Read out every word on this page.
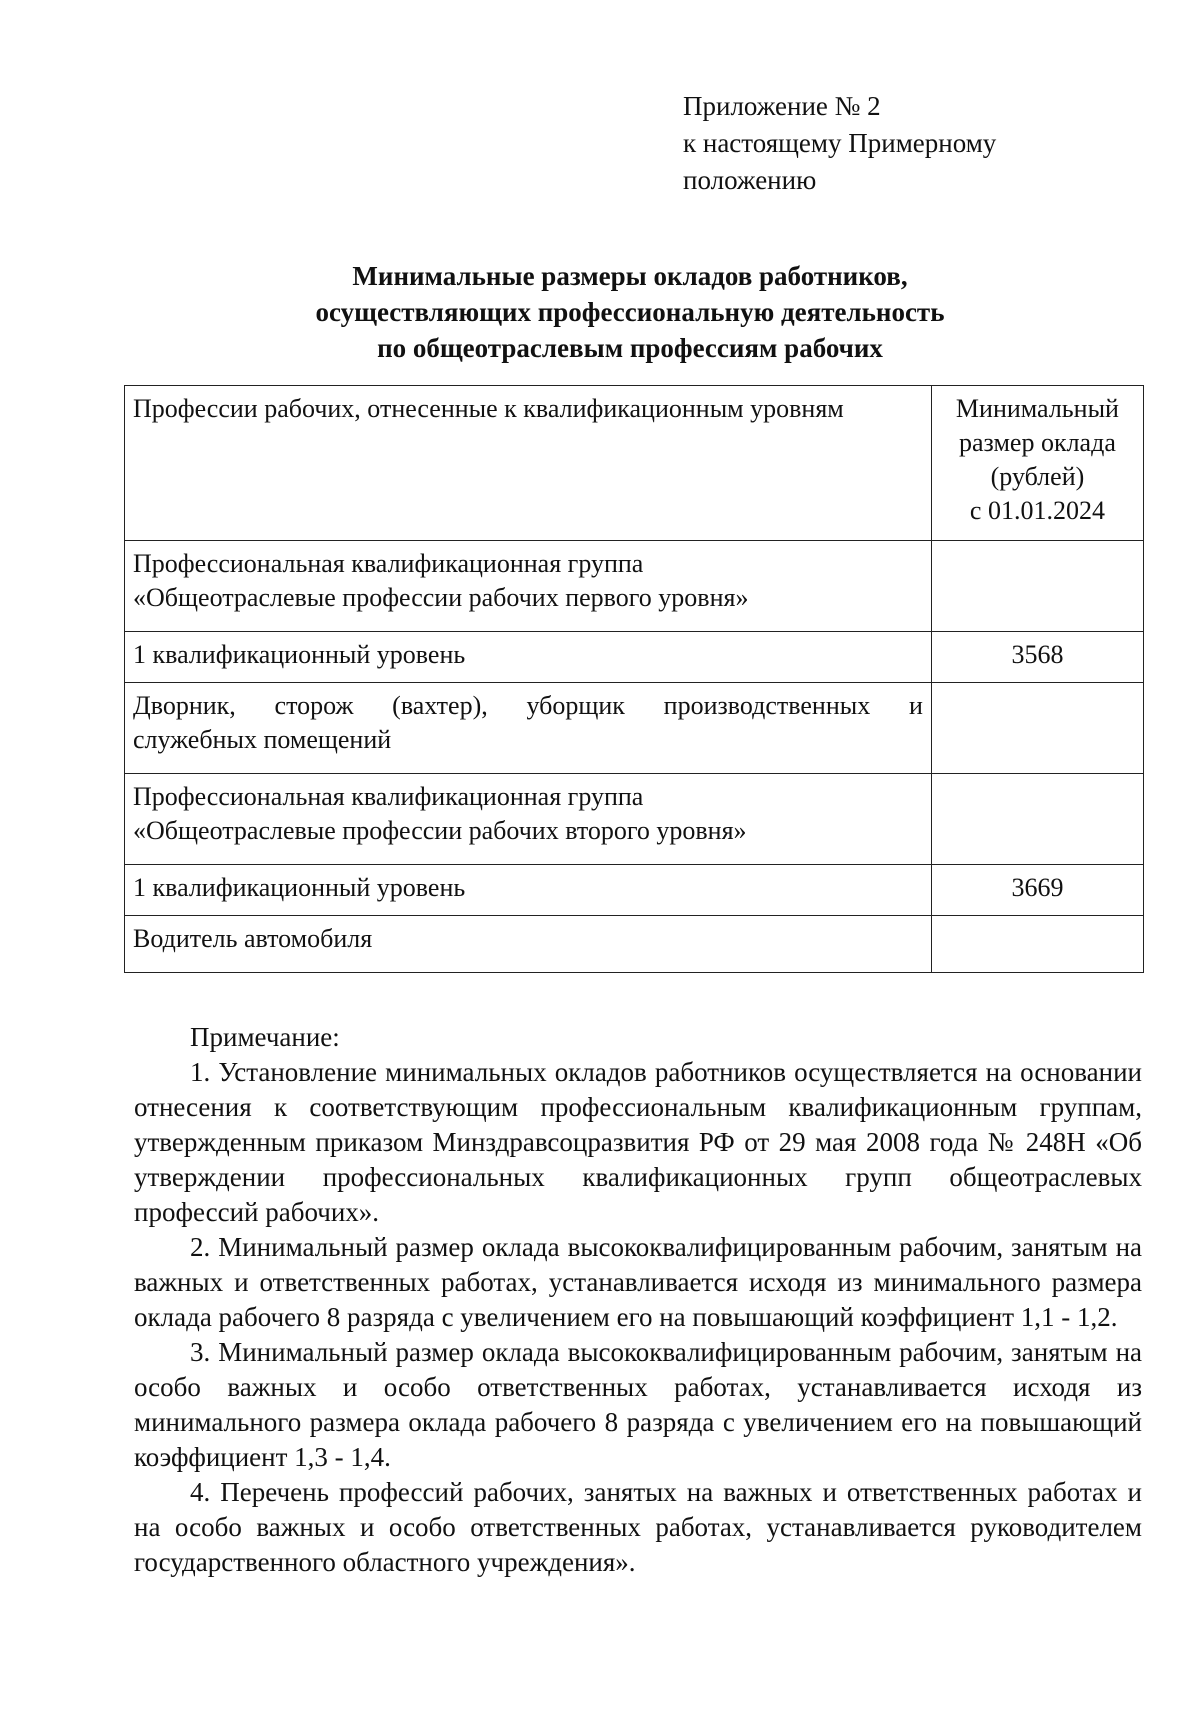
Приложение № 2
к настоящему Примерному
положению
Минимальные размеры окладов работников,
осуществляющих профессиональную деятельность
по общеотраслевым профессиям рабочих
Профессии рабочих, отнесенные к квалификационным уровням	Минимальный
размер оклада
(рублей)
с 01.01.2024

Профессиональная квалификационная группа
«Общеотраслевые профессии рабочих первого уровня»	

1 квалификационный уровень	3568

Дворник, сторож (вахтер), уборщик производственных и
служебных помещений	

Профессиональная квалификационная группа
«Общеотраслевые профессии рабочих второго уровня»	

1 квалификационный уровень	3669
Водитель автомобиля	
Примечание:

1. Установление минимальных окладов работников осуществляется на основании отнесения к соответствующим профессиональным квалификационным группам, утвержденным приказом Минздравсоцразвития РФ от 29 мая 2008 года № 248Н «Об утверждении профессиональных квалификационных групп общеотраслевых профессий рабочих».

2. Минимальный размер оклада высококвалифицированным рабочим, занятым на важных и ответственных работах, устанавливается исходя из минимального размера оклада рабочего 8 разряда с увеличением его на повышающий коэффициент 1,1 - 1,2.

3. Минимальный размер оклада высококвалифицированным рабочим, занятым на особо важных и особо ответственных работах, устанавливается исходя из минимального размера оклада рабочего 8 разряда с увеличением его на повышающий коэффициент 1,3 - 1,4.

4. Перечень профессий рабочих, занятых на важных и ответственных работах и на особо важных и особо ответственных работах, устанавливается руководителем государственного областного учреждения».
